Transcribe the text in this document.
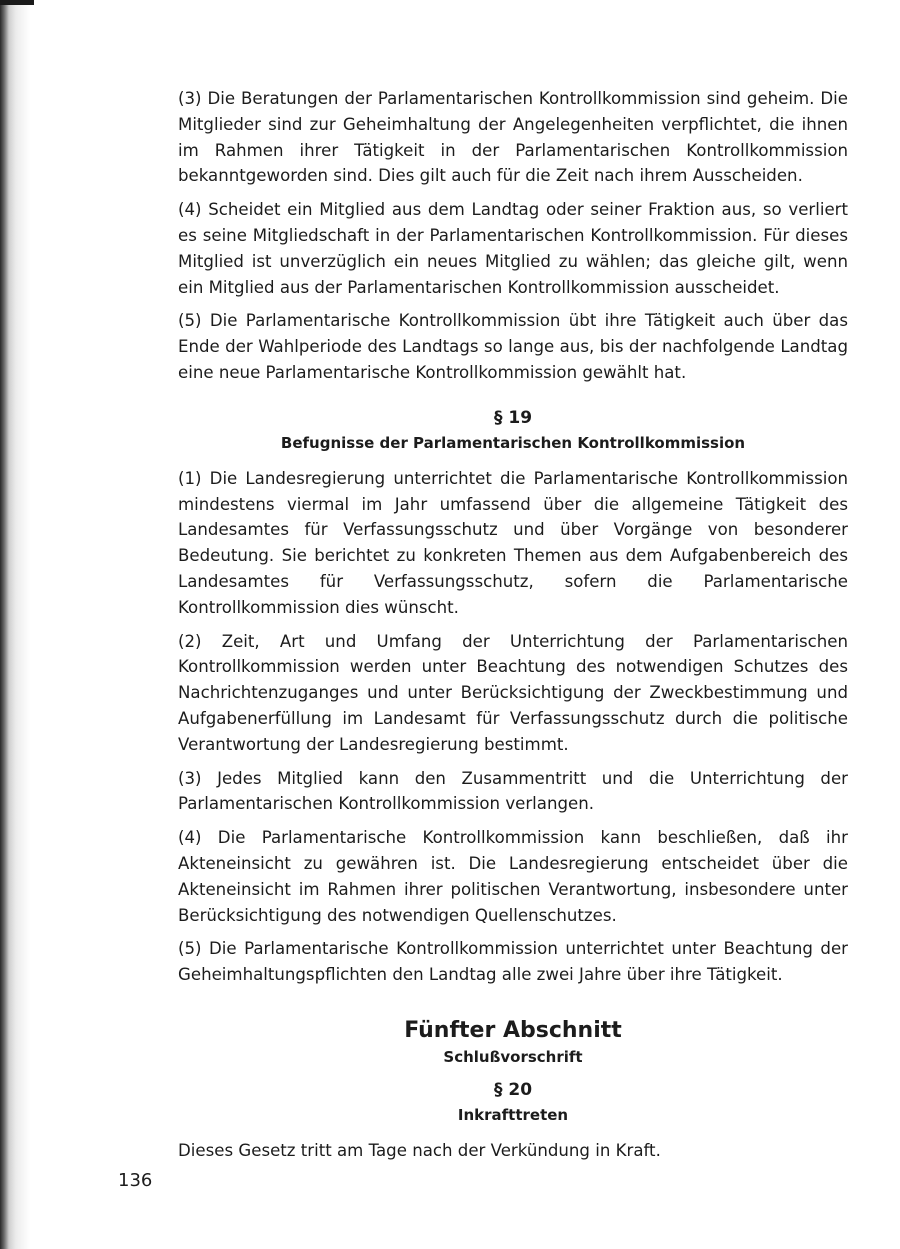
(3) Die Beratungen der Parlamentarischen Kontrollkommission sind geheim. Die Mitglieder sind zur Geheimhaltung der Angelegenheiten verpflichtet, die ihnen im Rahmen ihrer Tätigkeit in der Parlamentarischen Kontrollkommission bekanntgeworden sind. Dies gilt auch für die Zeit nach ihrem Ausscheiden.

(4) Scheidet ein Mitglied aus dem Landtag oder seiner Fraktion aus, so verliert es seine Mitgliedschaft in der Parlamentarischen Kontrollkommission. Für dieses Mitglied ist unverzüglich ein neues Mitglied zu wählen; das gleiche gilt, wenn ein Mitglied aus der Parlamentarischen Kontrollkommission ausscheidet.

(5) Die Parlamentarische Kontrollkommission übt ihre Tätigkeit auch über das Ende der Wahlperiode des Landtags so lange aus, bis der nachfolgende Landtag eine neue Parlamentarische Kontrollkommission gewählt hat.

§ 19
Befugnisse der Parlamentarischen Kontrollkommission

(1) Die Landesregierung unterrichtet die Parlamentarische Kontrollkommission mindestens viermal im Jahr umfassend über die allgemeine Tätigkeit des Landesamtes für Verfassungsschutz und über Vorgänge von besonderer Bedeutung. Sie berichtet zu konkreten Themen aus dem Aufgabenbereich des Landesamtes für Verfassungsschutz, sofern die Parlamentarische Kontrollkommission dies wünscht.

(2) Zeit, Art und Umfang der Unterrichtung der Parlamentarischen Kontrollkommission werden unter Beachtung des notwendigen Schutzes des Nachrichtenzuganges und unter Berücksichtigung der Zweckbestimmung und Aufgabenerfüllung im Landesamt für Verfassungsschutz durch die politische Verantwortung der Landesregierung bestimmt.

(3) Jedes Mitglied kann den Zusammentritt und die Unterrichtung der Parlamentarischen Kontrollkommission verlangen.

(4) Die Parlamentarische Kontrollkommission kann beschließen, daß ihr Akteneinsicht zu gewähren ist. Die Landesregierung entscheidet über die Akteneinsicht im Rahmen ihrer politischen Verantwortung, insbesondere unter Berücksichtigung des notwendigen Quellenschutzes.

(5) Die Parlamentarische Kontrollkommission unterrichtet unter Beachtung der Geheimhaltungspflichten den Landtag alle zwei Jahre über ihre Tätigkeit.

Fünfter Abschnitt
Schlußvorschrift
§ 20
Inkrafttreten

Dieses Gesetz tritt am Tage nach der Verkündung in Kraft.

136
